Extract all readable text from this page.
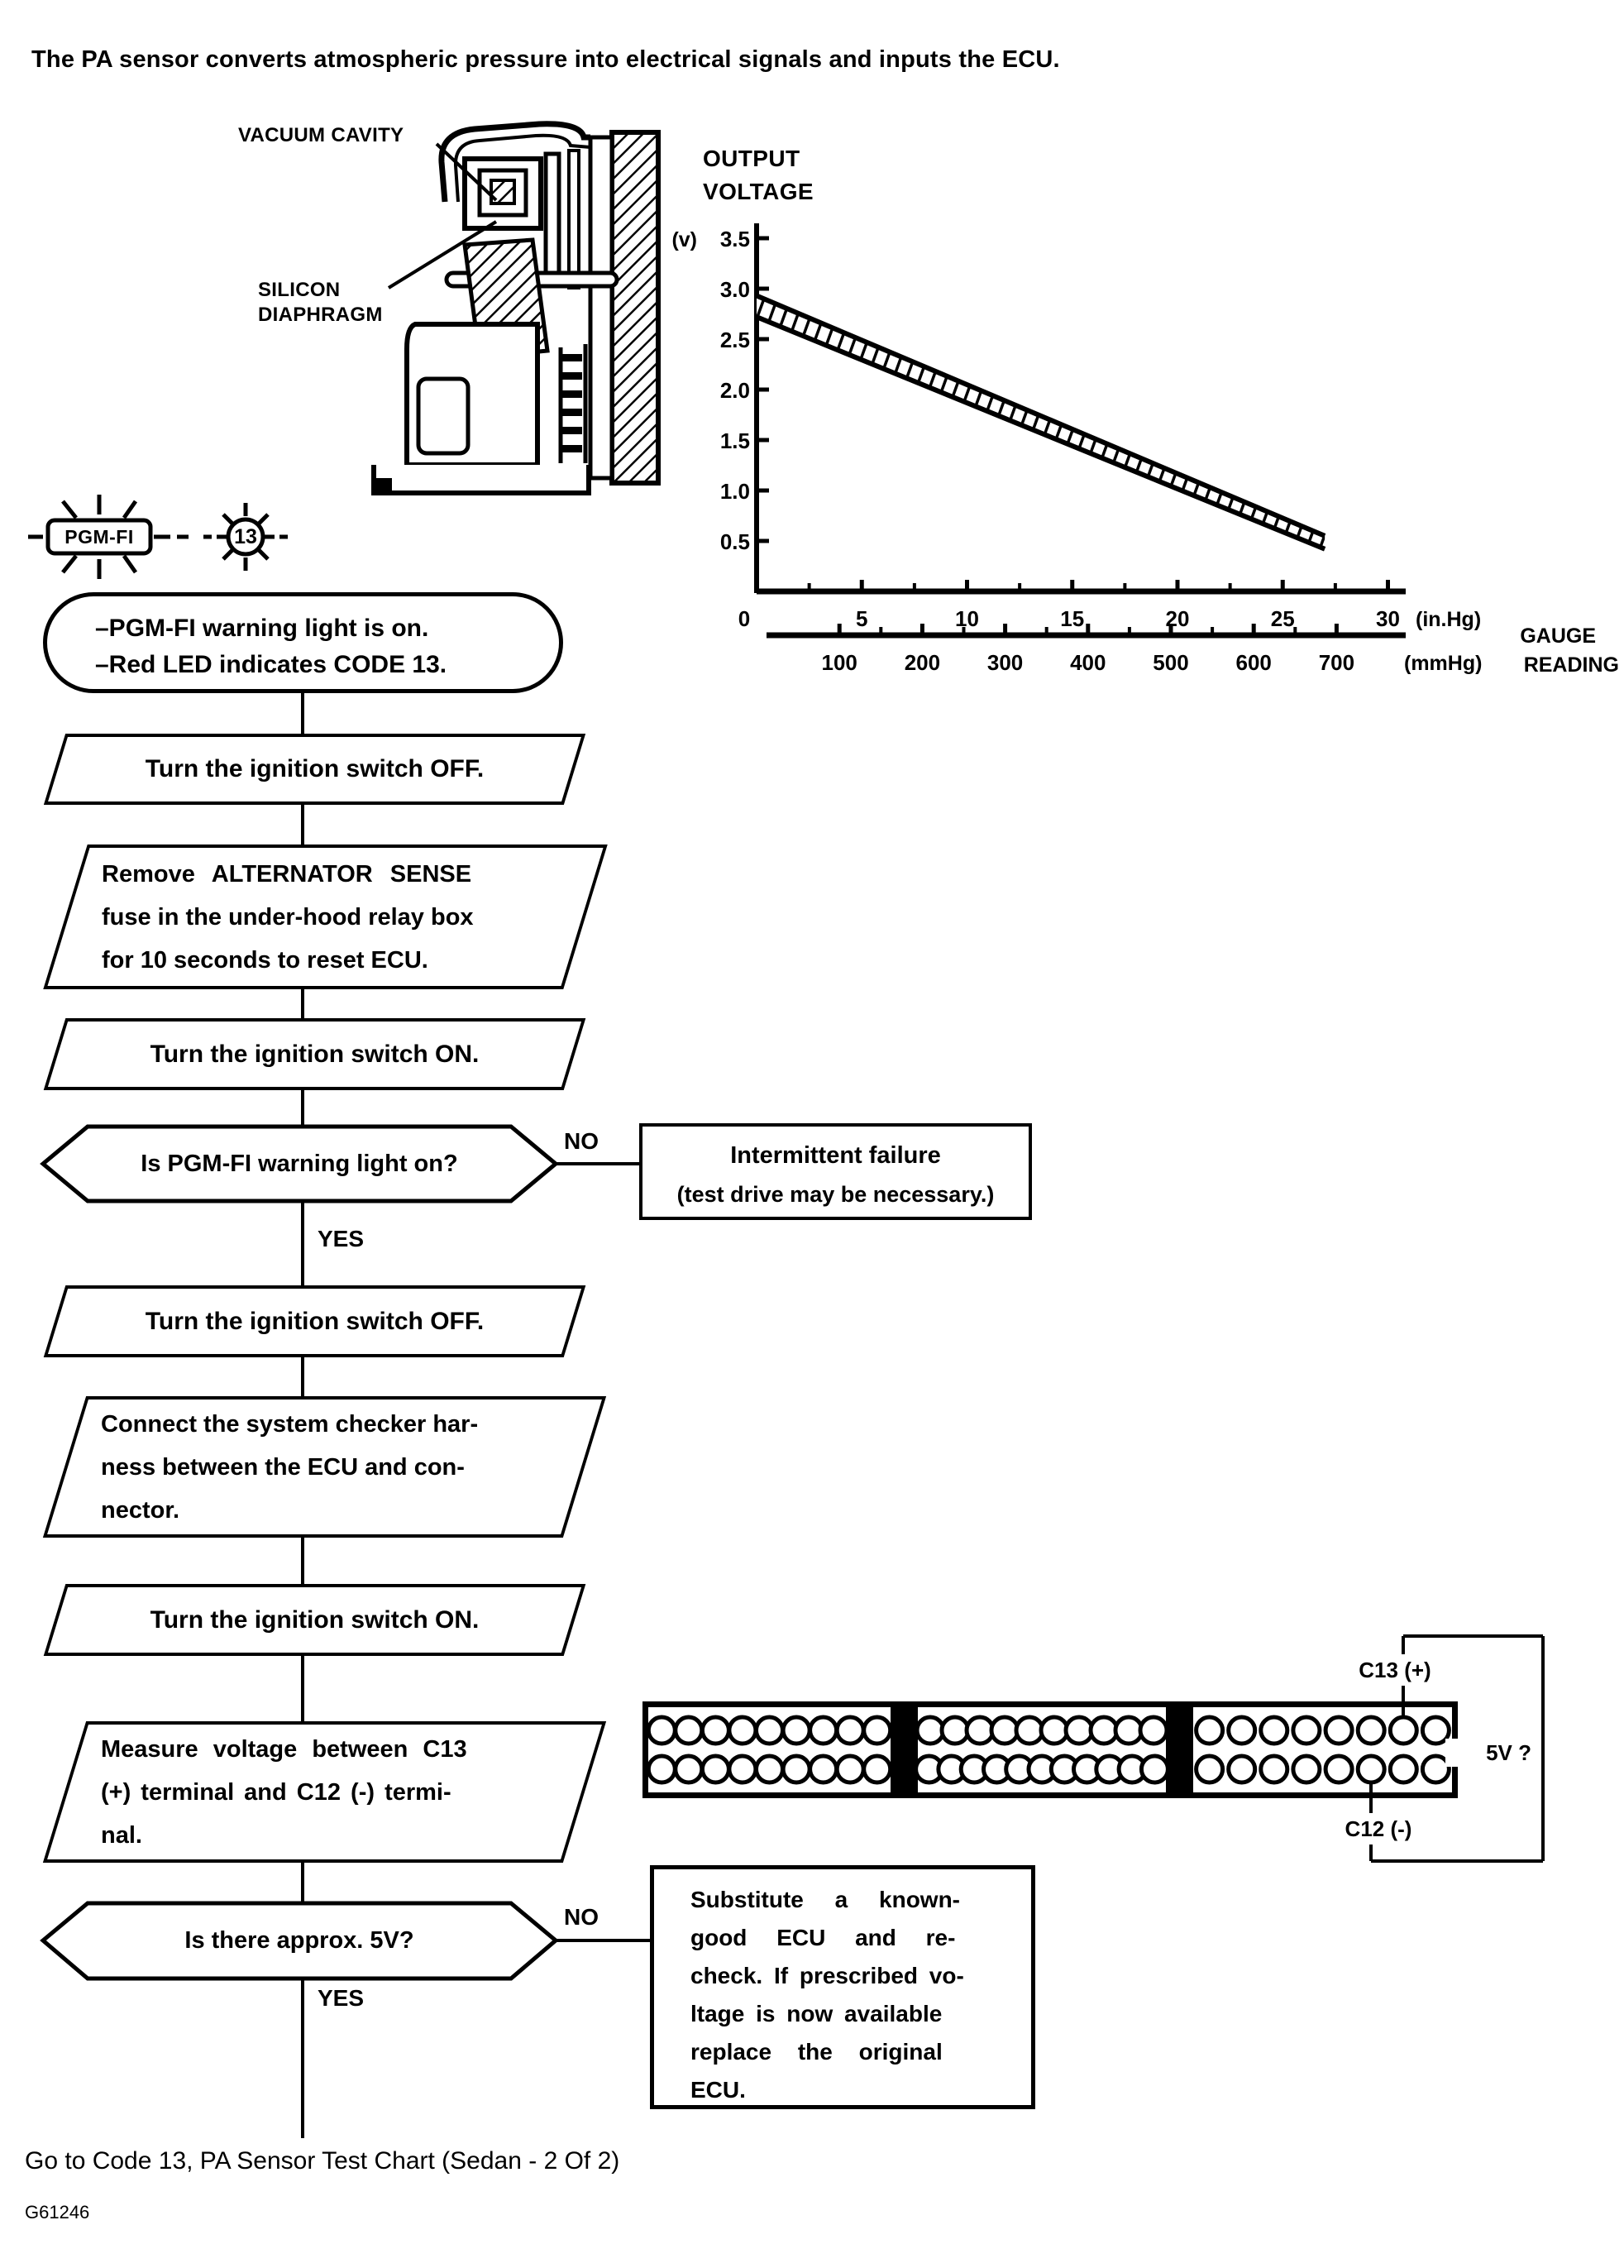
3.5
3.0
2.5
2.0
1.5
1.0
0.5
(v)
0	5	10	15	20	25	30 (in.Hg)
100 200 300 400 500 600 700 (mmHg)
GAUGE
READING
The PA sensor converts atmospheric pressure into electrical signals and inputs the ECU.
VACUUM CAVITY
SILICON DIAPHRAGM
OUTPUT
VOLTAGE
PGM-FI	13
–PGM-FI warning light is on.
–Red LED indicates CODE 13.
Turn the ignition switch OFF.
Remove ALTERNATOR SENSE
fuse in the under-hood relay box
for 10 seconds to reset ECU.
Turn the ignition switch ON.
Is PGM-FI warning light on?
NO
YES
Intermittent failure
(test drive may be necessary.)
Turn the ignition switch OFF.
Connect the system checker har-
ness between the ECU and con-
nector.
Turn the ignition switch ON.
Measure voltage between C13
(+) terminal and C12 (-) termi-
nal.
Is there approx. 5V?
NO
YES
Substitute a known-
good ECU and re-
check. If prescribed vo-
ltage is now available
replace the original
ECU.
C13 (+)
C12 (-)
5V ?
Go to Code 13, PA Sensor Test Chart (Sedan - 2 Of 2)
G61246
